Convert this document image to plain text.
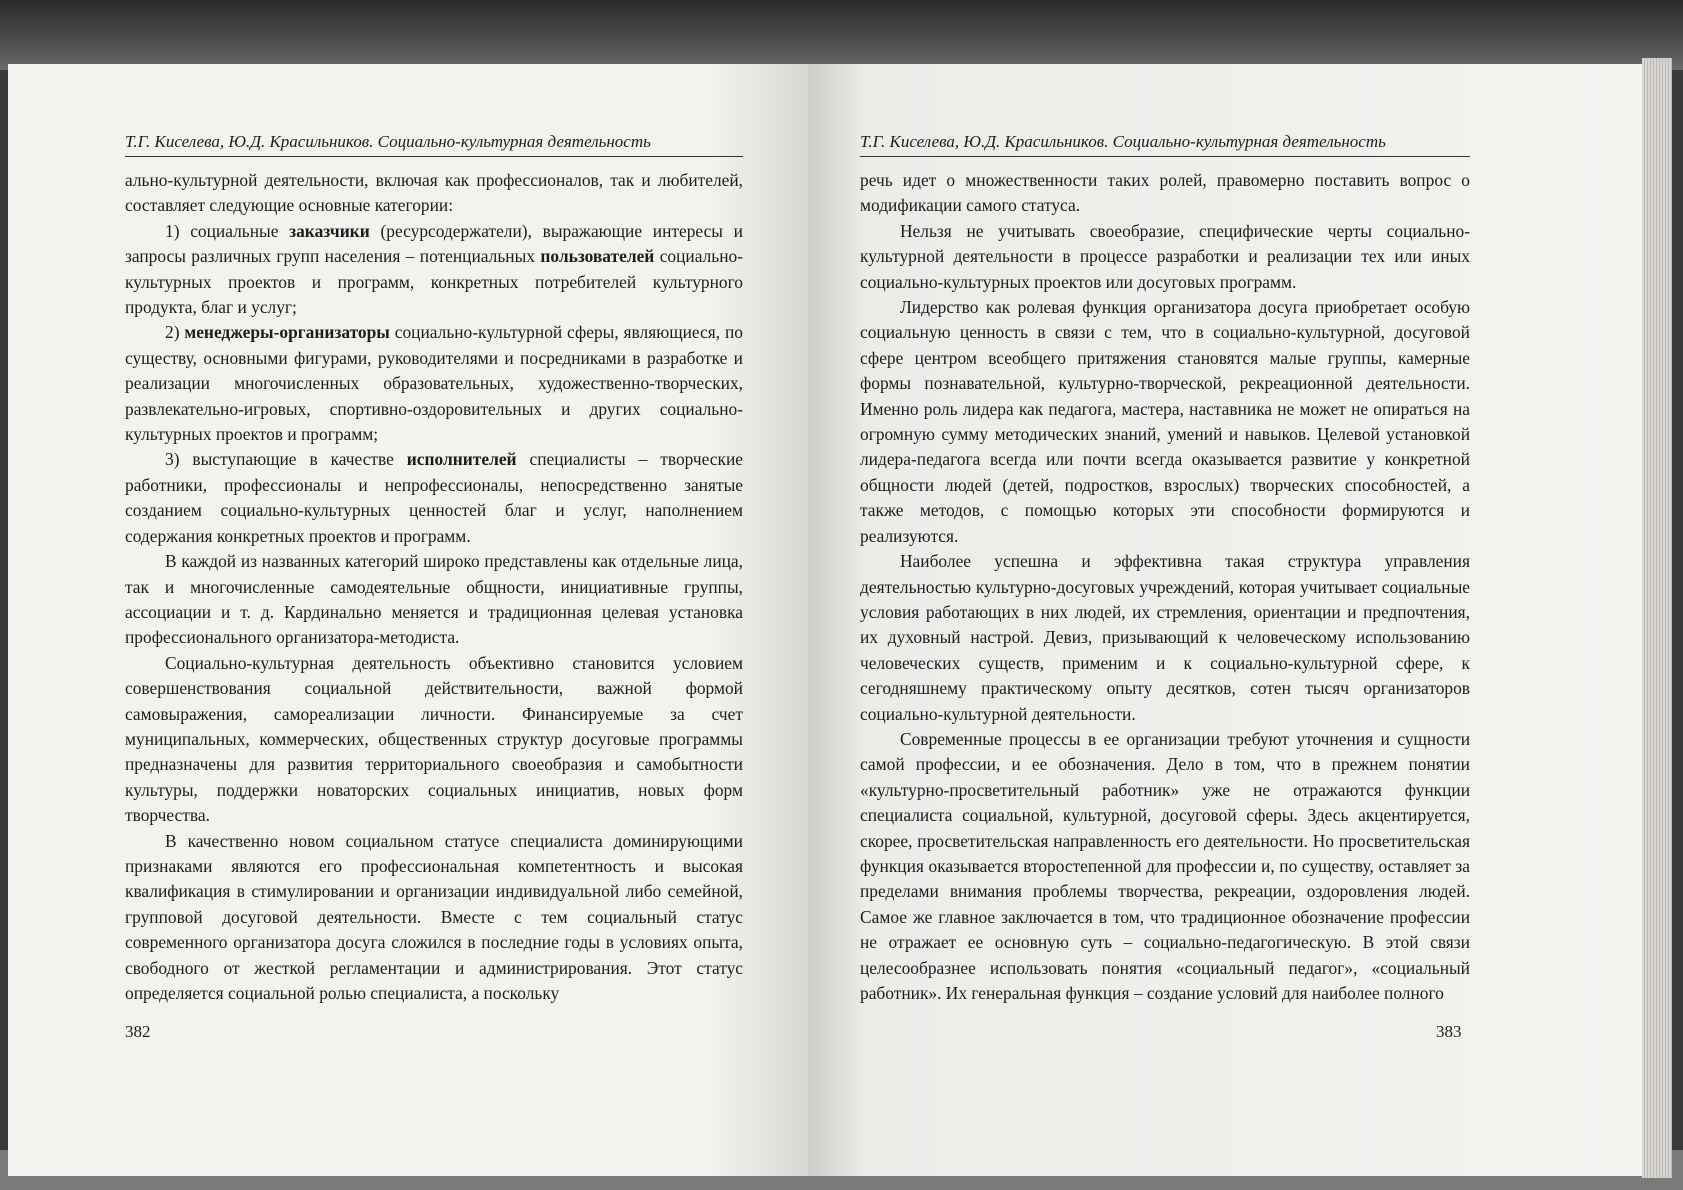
Т.Г. Киселева, Ю.Д. Красильников. Социально-культурная деятельность

ально-культурной деятельности, включая как профессионалов, так и любителей, составляет следующие основные категории:

1) социальные заказчики (ресурсодержатели), выражающие интересы и запросы различных групп населения – потенциальных пользователей социально-культурных проектов и программ, конкретных потребителей культурного продукта, благ и услуг;

2) менеджеры-организаторы социально-культурной сферы, являющиеся, по существу, основными фигурами, руководителями и посредниками в разработке и реализации многочисленных образовательных, художественно-творческих, развлекательно-игровых, спортивно-оздоровительных и других социально-культурных проектов и программ;

3) выступающие в качестве исполнителей специалисты – творческие работники, профессионалы и непрофессионалы, непосредственно занятые созданием социально-культурных ценностей благ и услуг, наполнением содержания конкретных проектов и программ.

В каждой из названных категорий широко представлены как отдельные лица, так и многочисленные самодеятельные общности, инициативные группы, ассоциации и т. д. Кардинально меняется и традиционная целевая установка профессионального организатора-методиста.

Социально-культурная деятельность объективно становится условием совершенствования социальной действительности, важной формой самовыражения, самореализации личности. Финансируемые за счет муниципальных, коммерческих, общественных структур досуговые программы предназначены для развития территориального своеобразия и самобытности культуры, поддержки новаторских социальных инициатив, новых форм творчества.

В качественно новом социальном статусе специалиста доминирующими признаками являются его профессиональная компетентность и высокая квалификация в стимулировании и организации индивидуальной либо семейной, групповой досуговой деятельности. Вместе с тем социальный статус современного организатора досуга сложился в последние годы в условиях опыта, свободного от жесткой регламентации и администрирования. Этот статус определяется социальной ролью специалиста, а поскольку

382
Т.Г. Киселева, Ю.Д. Красильников. Социально-культурная деятельность

речь идет о множественности таких ролей, правомерно поставить вопрос о модификации самого статуса.

Нельзя не учитывать своеобразие, специфические черты социально-культурной деятельности в процессе разработки и реализации тех или иных социально-культурных проектов или досуговых программ.

Лидерство как ролевая функция организатора досуга приобретает особую социальную ценность в связи с тем, что в социально-культурной, досуговой сфере центром всеобщего притяжения становятся малые группы, камерные формы познавательной, культурно-творческой, рекреационной деятельности. Именно роль лидера как педагога, мастера, наставника не может не опираться на огромную сумму методических знаний, умений и навыков. Целевой установкой лидера-педагога всегда или почти всегда оказывается развитие у конкретной общности людей (детей, подростков, взрослых) творческих способностей, а также методов, с помощью которых эти способности формируются и реализуются.

Наиболее успешна и эффективна такая структура управления деятельностью культурно-досуговых учреждений, которая учитывает социальные условия работающих в них людей, их стремления, ориентации и предпочтения, их духовный настрой. Девиз, призывающий к человеческому использованию человеческих существ, применим и к социально-культурной сфере, к сегодняшнему практическому опыту десятков, сотен тысяч организаторов социально-культурной деятельности.

Современные процессы в ее организации требуют уточнения и сущности самой профессии, и ее обозначения. Дело в том, что в прежнем понятии «культурно-просветительный работник» уже не отражаются функции специалиста социальной, культурной, досуговой сферы. Здесь акцентируется, скорее, просветительская направленность его деятельности. Но просветительская функция оказывается второстепенной для профессии и, по существу, оставляет за пределами внимания проблемы творчества, рекреации, оздоровления людей. Самое же главное заключается в том, что традиционное обозначение профессии не отражает ее основную суть – социально-педагогическую. В этой связи целесообразнее использовать понятия «социальный педагог», «социальный работник». Их генеральная функция – создание условий для наиболее полного

383
